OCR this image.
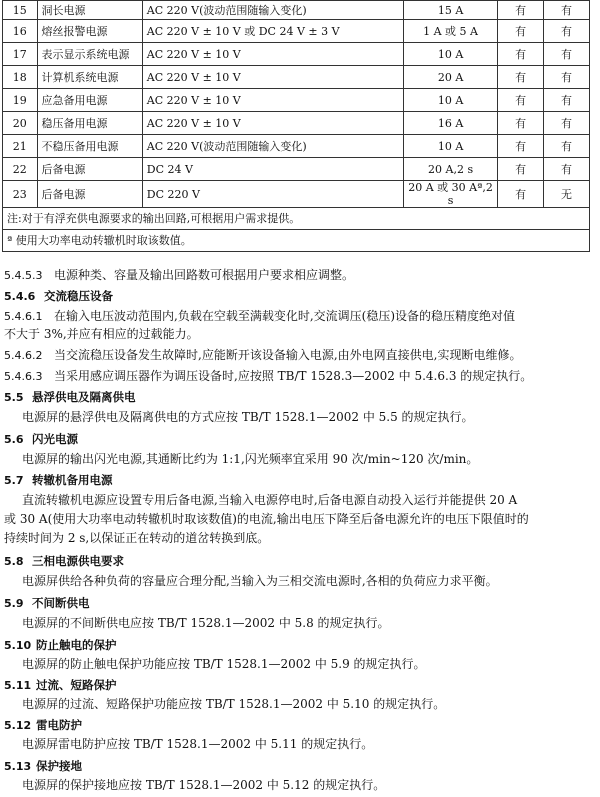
15	洞长电源	AC 220 V(波动范围随输入变化)	15 A	有	有
16	熔丝报警电源	AC 220 V ± 10 V 或 DC 24 V ± 3 V	1 A 或 5 A	有	有
17	表示显示系统电源	AC 220 V ± 10 V	10 A	有	有
18	计算机系统电源	AC 220 V ± 10 V	20 A	有	有
19	应急备用电源	AC 220 V ± 10 V	10 A	有	有
20	稳压备用电源	AC 220 V ± 10 V	16 A	有	有
21	不稳压备用电源	AC 220 V(波动范围随输入变化)	10 A	有	有
22	后备电源	DC 24 V	20 A,2 s	有	有
23	后备电源	DC 220 V	20 A 或 30 Aª,2 s	有	无
注:对于有浮充供电源要求的输出回路,可根据用户需求提供。					
ª 使用大功率电动转辙机时取该数值。					
5.4.5.3 电源种类、容量及输出回路数可根据用户要求相应调整。
5.4.6 交流稳压设备
5.4.6.1 在输入电压波动范围内,负载在空载至满载变化时,交流调压(稳压)设备的稳压精度绝对值
不大于 3%,并应有相应的过载能力。
5.4.6.2 当交流稳压设备发生故障时,应能断开该设备输入电源,由外电网直接供电,实现断电维修。
5.4.6.3 当采用感应调压器作为调压设备时,应按照 TB/T 1528.3—2002 中 5.4.6.3 的规定执行。
5.5 悬浮供电及隔离供电
电源屏的悬浮供电及隔离供电的方式应按 TB/T 1528.1—2002 中 5.5 的规定执行。
5.6 闪光电源
电源屏的输出闪光电源,其通断比约为 1:1,闪光频率宜采用 90 次/min~120 次/min。
5.7 转辙机备用电源
直流转辙机电源应设置专用后备电源,当输入电源停电时,后备电源自动投入运行并能提供 20 A
或 30 A(使用大功率电动转辙机时取该数值)的电流,输出电压下降至后备电源允许的电压下限值时的
持续时间为 2 s,以保证正在转动的道岔转换到底。
5.8 三相电源供电要求
电源屏供给各种负荷的容量应合理分配,当输入为三相交流电源时,各相的负荷应力求平衡。
5.9 不间断供电
电源屏的不间断供电应按 TB/T 1528.1—2002 中 5.8 的规定执行。
5.10 防止触电的保护
电源屏的防止触电保护功能应按 TB/T 1528.1—2002 中 5.9 的规定执行。
5.11 过流、短路保护
电源屏的过流、短路保护功能应按 TB/T 1528.1—2002 中 5.10 的规定执行。
5.12 雷电防护
电源屏雷电防护应按 TB/T 1528.1—2002 中 5.11 的规定执行。
5.13 保护接地
电源屏的保护接地应按 TB/T 1528.1—2002 中 5.12 的规定执行。
